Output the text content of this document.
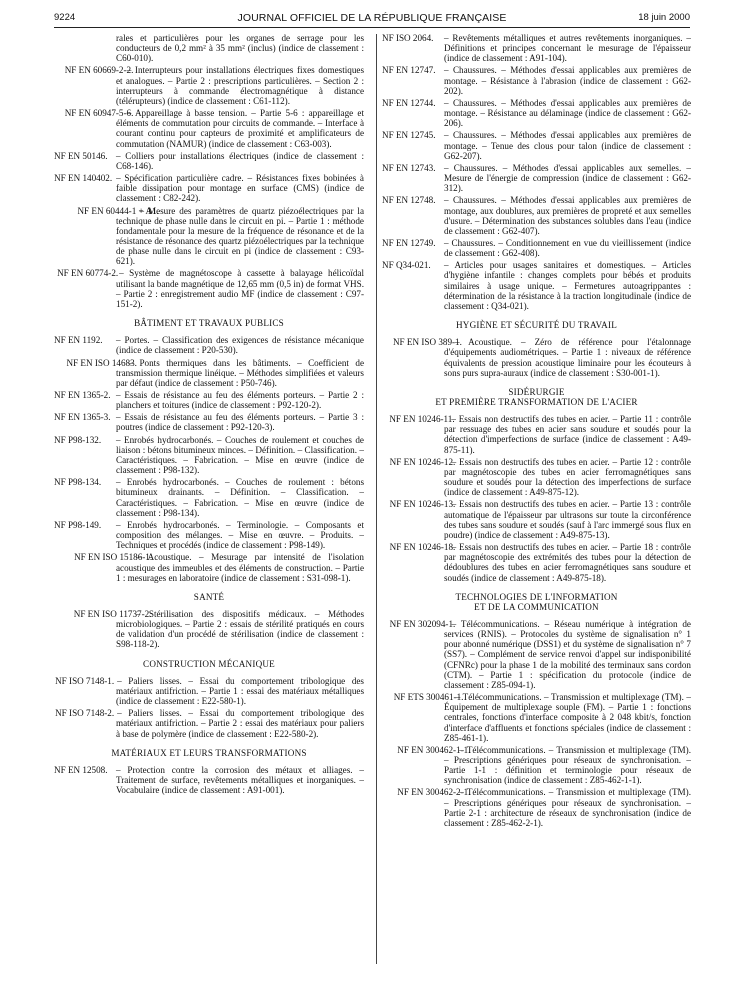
9224	JOURNAL OFFICIEL DE LA RÉPUBLIQUE FRANÇAISE	18 juin 2000
rales et particulières pour les organes de serrage pour les conducteurs de 0,2 mm² à 35 mm² (inclus) (indice de classement : C60-010).
NF EN 60669-2-2.
– Interrupteurs pour installations électriques fixes domestiques et analogues. – Partie 2 : prescriptions particulières. – Section 2 : interrupteurs à commande électromagnétique à distance (télérupteurs) (indice de classement : C61-112).
NF EN 60947-5-6.
– Appareillage à basse tension. – Partie 5-6 : appareillage et éléments de commutation pour circuits de commande. – Interface à courant continu pour capteurs de proximité et amplificateurs de commutation (NAMUR) (indice de classement : C63-003).
NF EN 50146. – Colliers pour installations électriques (indice de classement : C68-146).
NF EN 140402. – Spécification particulière cadre. – Résistances fixes bobinées à faible dissipation pour montage en surface (CMS) (indice de classement : C82-242).
NF EN 60444-1 + A1.
– Mesure des paramètres de quartz piézoélectriques par la technique de phase nulle dans le circuit en pi. – Partie 1 : méthode fondamentale pour la mesure de la fréquence de résonance et de la résistance de résonance des quartz piézoélectriques par la technique de phase nulle dans le circuit en pi (indice de classement : C93-621).
NF EN 60774-2. – Système de magnétoscope à cassette à balayage hélicoïdal utilisant la bande magnétique de 12,65 mm (0,5 in) de format VHS. – Partie 2 : enregistrement audio MF (indice de classement : C97-151-2).
BÂTIMENT ET TRAVAUX PUBLICS
NF EN 1192. – Portes. – Classification des exigences de résistance mécanique (indice de classement : P20-530).
NF EN ISO 14683.
– Ponts thermiques dans les bâtiments. – Coefficient de transmission thermique linéique. – Méthodes simplifiées et valeurs par défaut (indice de classement : P50-746).
NF EN 1365-2. – Essais de résistance au feu des éléments porteurs. – Partie 2 : planchers et toitures (indice de classement : P92-120-2).
NF EN 1365-3. – Essais de résistance au feu des éléments porteurs. – Partie 3 : poutres (indice de classement : P92-120-3).
NF P98-132. – Enrobés hydrocarbonés. – Couches de roulement et couches de liaison : bétons bitumineux minces. – Définition. – Classification. – Caractéristiques. – Fabrication. – Mise en œuvre (indice de classement : P98-132).
NF P98-134. – Enrobés hydrocarbonés. – Couches de roulement : bétons bitumineux drainants. – Définition. – Classification. – Caractéristiques. – Fabrication. – Mise en œuvre (indice de classement : P98-134).
NF P98-149. – Enrobés hydrocarbonés. – Terminologie. – Composants et composition des mélanges. – Mise en œuvre. – Produits. – Techniques et procédés (indice de classement : P98-149).
NF EN ISO 15186-1.
– Acoustique. – Mesurage par intensité de l'isolation acoustique des immeubles et des éléments de construction. – Partie 1 : mesurages en laboratoire (indice de classement : S31-098-1).
SANTÉ
NF EN ISO 11737-2.
– Stérilisation des dispositifs médicaux. – Méthodes microbiologiques. – Partie 2 : essais de stérilité pratiqués en cours de validation d'un procédé de stérilisation (indice de classement : S98-118-2).
CONSTRUCTION MÉCANIQUE
NF ISO 7148-1. – Paliers lisses. – Essai du comportement tribologique des matériaux antifriction. – Partie 1 : essai des matériaux métalliques (indice de classement : E22-580-1).
NF ISO 7148-2. – Paliers lisses. – Essai du comportement tribologique des matériaux antifriction. – Partie 2 : essai des matériaux pour paliers à base de polymère (indice de classement : E22-580-2).
MATÉRIAUX ET LEURS TRANSFORMATIONS
NF EN 12508. – Protection contre la corrosion des métaux et alliages. – Traitement de surface, revêtements métalliques et inorganiques. – Vocabulaire (indice de classement : A91-001).
NF ISO 2064. – Revêtements métalliques et autres revêtements inorganiques. – Définitions et principes concernant le mesurage de l'épaisseur (indice de classement : A91-104).
NF EN 12747. – Chaussures. – Méthodes d'essai applicables aux premières de montage. – Résistance à l'abrasion (indice de classement : G62-202).
NF EN 12744. – Chaussures. – Méthodes d'essai applicables aux premières de montage. – Résistance au délaminage (indice de classement : G62-206).
NF EN 12745. – Chaussures. – Méthodes d'essai applicables aux premières de montage. – Tenue des clous pour talon (indice de classement : G62-207).
NF EN 12743. – Chaussures. – Méthodes d'essai applicables aux semelles. – Mesure de l'énergie de compression (indice de classement : G62-312).
NF EN 12748. – Chaussures. – Méthodes d'essai applicables aux premières de montage, aux doublures, aux premières de propreté et aux semelles d'usure. – Détermination des substances solubles dans l'eau (indice de classement : G62-407).
NF EN 12749. – Chaussures. – Conditionnement en vue du vieillissement (indice de classement : G62-408).
NF Q34-021. – Articles pour usages sanitaires et domestiques. – Articles d'hygiène infantile : changes complets pour bébés et produits similaires à usage unique. – Fermetures autoagrippantes : détermination de la résistance à la traction longitudinale (indice de classement : Q34-021).
HYGIÈNE ET SÉCURITÉ DU TRAVAIL
NF EN ISO 389-1.
– Acoustique. – Zéro de référence pour l'étalonnage d'équipements audiométriques. – Partie 1 : niveaux de référence équivalents de pression acoustique liminaire pour les écouteurs à sons purs supra-auraux (indice de classement : S30-001-1).
SIDÉRURGIE
ET PREMIÈRE TRANSFORMATION DE L'ACIER
NF EN 10246-11.
– Essais non destructifs des tubes en acier. – Partie 11 : contrôle par ressuage des tubes en acier sans soudure et soudés pour la détection d'imperfections de surface (indice de classement : A49-875-11).
NF EN 10246-12.
– Essais non destructifs des tubes en acier. – Partie 12 : contrôle par magnétoscopie des tubes en acier ferromagnétiques sans soudure et soudés pour la détection des imperfections de surface (indice de classement : A49-875-12).
NF EN 10246-13.
– Essais non destructifs des tubes en acier. – Partie 13 : contrôle automatique de l'épaisseur par ultrasons sur toute la circonférence des tubes sans soudure et soudés (sauf à l'arc immergé sous flux en poudre) (indice de classement : A49-875-13).
NF EN 10246-18.
– Essais non destructifs des tubes en acier. – Partie 18 : contrôle par magnétoscopie des extrémités des tubes pour la détection de dédoublures des tubes en acier ferromagnétiques sans soudure et soudés (indice de classement : A49-875-18).
TECHNOLOGIES DE L'INFORMATION
ET DE LA COMMUNICATION
NF EN 302094-1.
– Télécommunications. – Réseau numérique à intégration de services (RNIS). – Protocoles du système de signalisation n° 1 pour abonné numérique (DSS1) et du système de signalisation n° 7 (SS7). – Complément de service renvoi d'appel sur indisponibilité (CFNRc) pour la phase 1 de la mobilité des terminaux sans cordon (CTM). – Partie 1 : spécification du protocole (indice de classement : Z85-094-1).
NF ETS 300461-1.
– Télécommunications. – Transmission et multiplexage (TM). – Équipement de multiplexage souple (FM). – Partie 1 : fonctions centrales, fonctions d'interface composite à 2 048 kbit/s, fonction d'interface d'affluents et fonctions spéciales (indice de classement : Z85-461-1).
NF EN 300462-1-1.
– Télécommunications. – Transmission et multiplexage (TM). – Prescriptions génériques pour réseaux de synchronisation. – Partie 1-1 : définition et terminologie pour réseaux de synchronisation (indice de classement : Z85-462-1-1).
NF EN 300462-2-1.
– Télécommunications. – Transmission et multiplexage (TM). – Prescriptions génériques pour réseaux de synchronisation. – Partie 2-1 : architecture de réseaux de synchronisation (indice de classement : Z85-462-2-1).
